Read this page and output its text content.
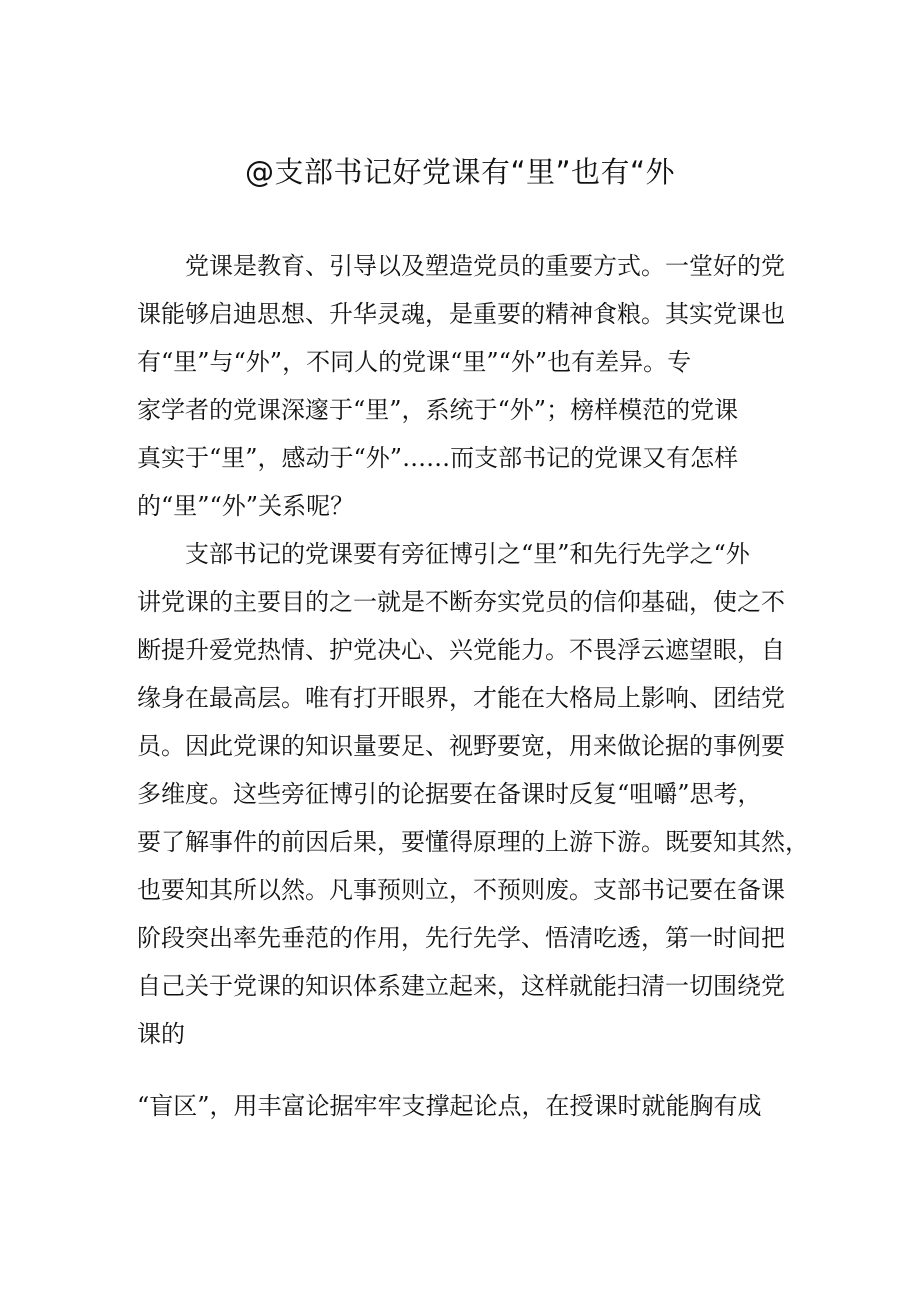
@支部书记好党课有“里”也有“外
党课是教育、引导以及塑造党员的重要方式。一堂好的党
课能够启迪思想、升华灵魂，是重要的精神食粮。其实党课也
有“里”与“外”，不同人的党课“里”“外”也有差异。专
家学者的党课深邃于“里”，系统于“外”；榜样模范的党课
真实于“里”，感动于“外”……而支部书记的党课又有怎样
的“里”“外”关系呢？
支部书记的党课要有旁征博引之“里”和先行先学之“外
讲党课的主要目的之一就是不断夯实党员的信仰基础，使之不
断提升爱党热情、护党决心、兴党能力。不畏浮云遮望眼，自
缘身在最高层。唯有打开眼界，才能在大格局上影响、团结党
员。因此党课的知识量要足、视野要宽，用来做论据的事例要
多维度。这些旁征博引的论据要在备课时反复“咀嚼”思考，
要了解事件的前因后果，要懂得原理的上游下游。既要知其然，
也要知其所以然。凡事预则立，不预则废。支部书记要在备课
阶段突出率先垂范的作用，先行先学、悟清吃透，第一时间把
自己关于党课的知识体系建立起来，这样就能扫清一切围绕党
课的
“盲区”，用丰富论据牢牢支撑起论点，在授课时就能胸有成
